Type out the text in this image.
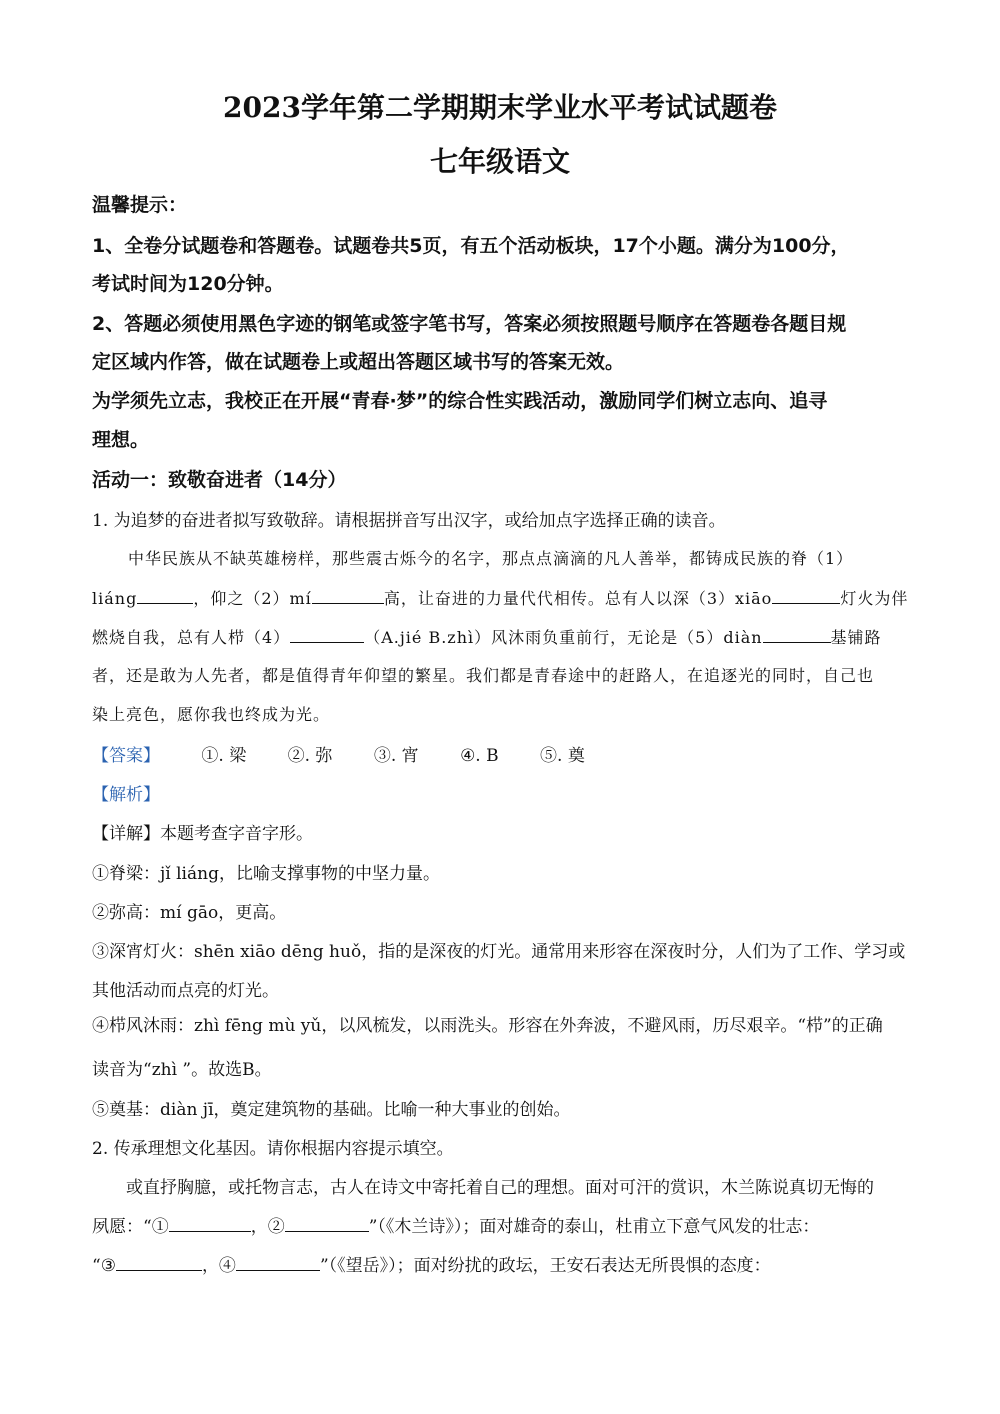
2023学年第二学期期末学业水平考试试题卷
七年级语文
温馨提示：
1、全卷分试题卷和答题卷。试题卷共5页，有五个活动板块，17个小题。满分为100分，
考试时间为120分钟。
2、答题必须使用黑色字迹的钢笔或签字笔书写，答案必须按照题号顺序在答题卷各题目规
定区域内作答，做在试题卷上或超出答题区域书写的答案无效。
为学须先立志，我校正在开展“青春·梦”的综合性实践活动，激励同学们树立志向、追寻
理想。
活动一：致敬奋进者（14分）
1. 为追梦的奋进者拟写致敬辞。请根据拼音写出汉字，或给加点字选择正确的读音。
中华民族从不缺英雄榜样，那些震古烁今的名字，那点点滴滴的凡人善举，都铸成民族的脊（1）
liáng	，仰之（2）mí	高，让奋进的力量代代相传。总有人以深（3）xiāo	灯火为伴
燃烧自我，总有人栉（4）	（A.jié B.zhì）风沐雨负重前行，无论是（5）diàn	基铺路
者，还是敢为人先者，都是值得青年仰望的繁星。我们都是青春途中的赶路人，在追逐光的同时，自己也
染上亮色，愿你我也终成为光。
【答案】 ①. 梁 ②. 弥 ③. 宵 ④. B ⑤. 奠
【解析】
【详解】本题考查字音字形。
①脊梁：jǐ liáng，比喻支撑事物的中坚力量。
②弥高：mí gāo，更高。
③深宵灯火：shēn xiāo dēng huǒ，指的是深夜的灯光。通常用来形容在深夜时分，人们为了工作、学习或
其他活动而点亮的灯光。
④栉风沐雨：zhì fēng mù yǔ，以风梳发，以雨洗头。形容在外奔波，不避风雨，历尽艰辛。“栉”的正确
读音为“zhì ”。故选B。
⑤奠基：diàn jī，奠定建筑物的基础。比喻一种大事业的创始。
2. 传承理想文化基因。请你根据内容提示填空。
或直抒胸臆，或托物言志，古人在诗文中寄托着自己的理想。面对可汗的赏识，木兰陈说真切无悔的
夙愿：“①	，②	”（《木兰诗》）；面对雄奇的泰山，杜甫立下意气风发的壮志：
“③	，④	”（《望岳》）；面对纷扰的政坛，王安石表达无所畏惧的态度：
